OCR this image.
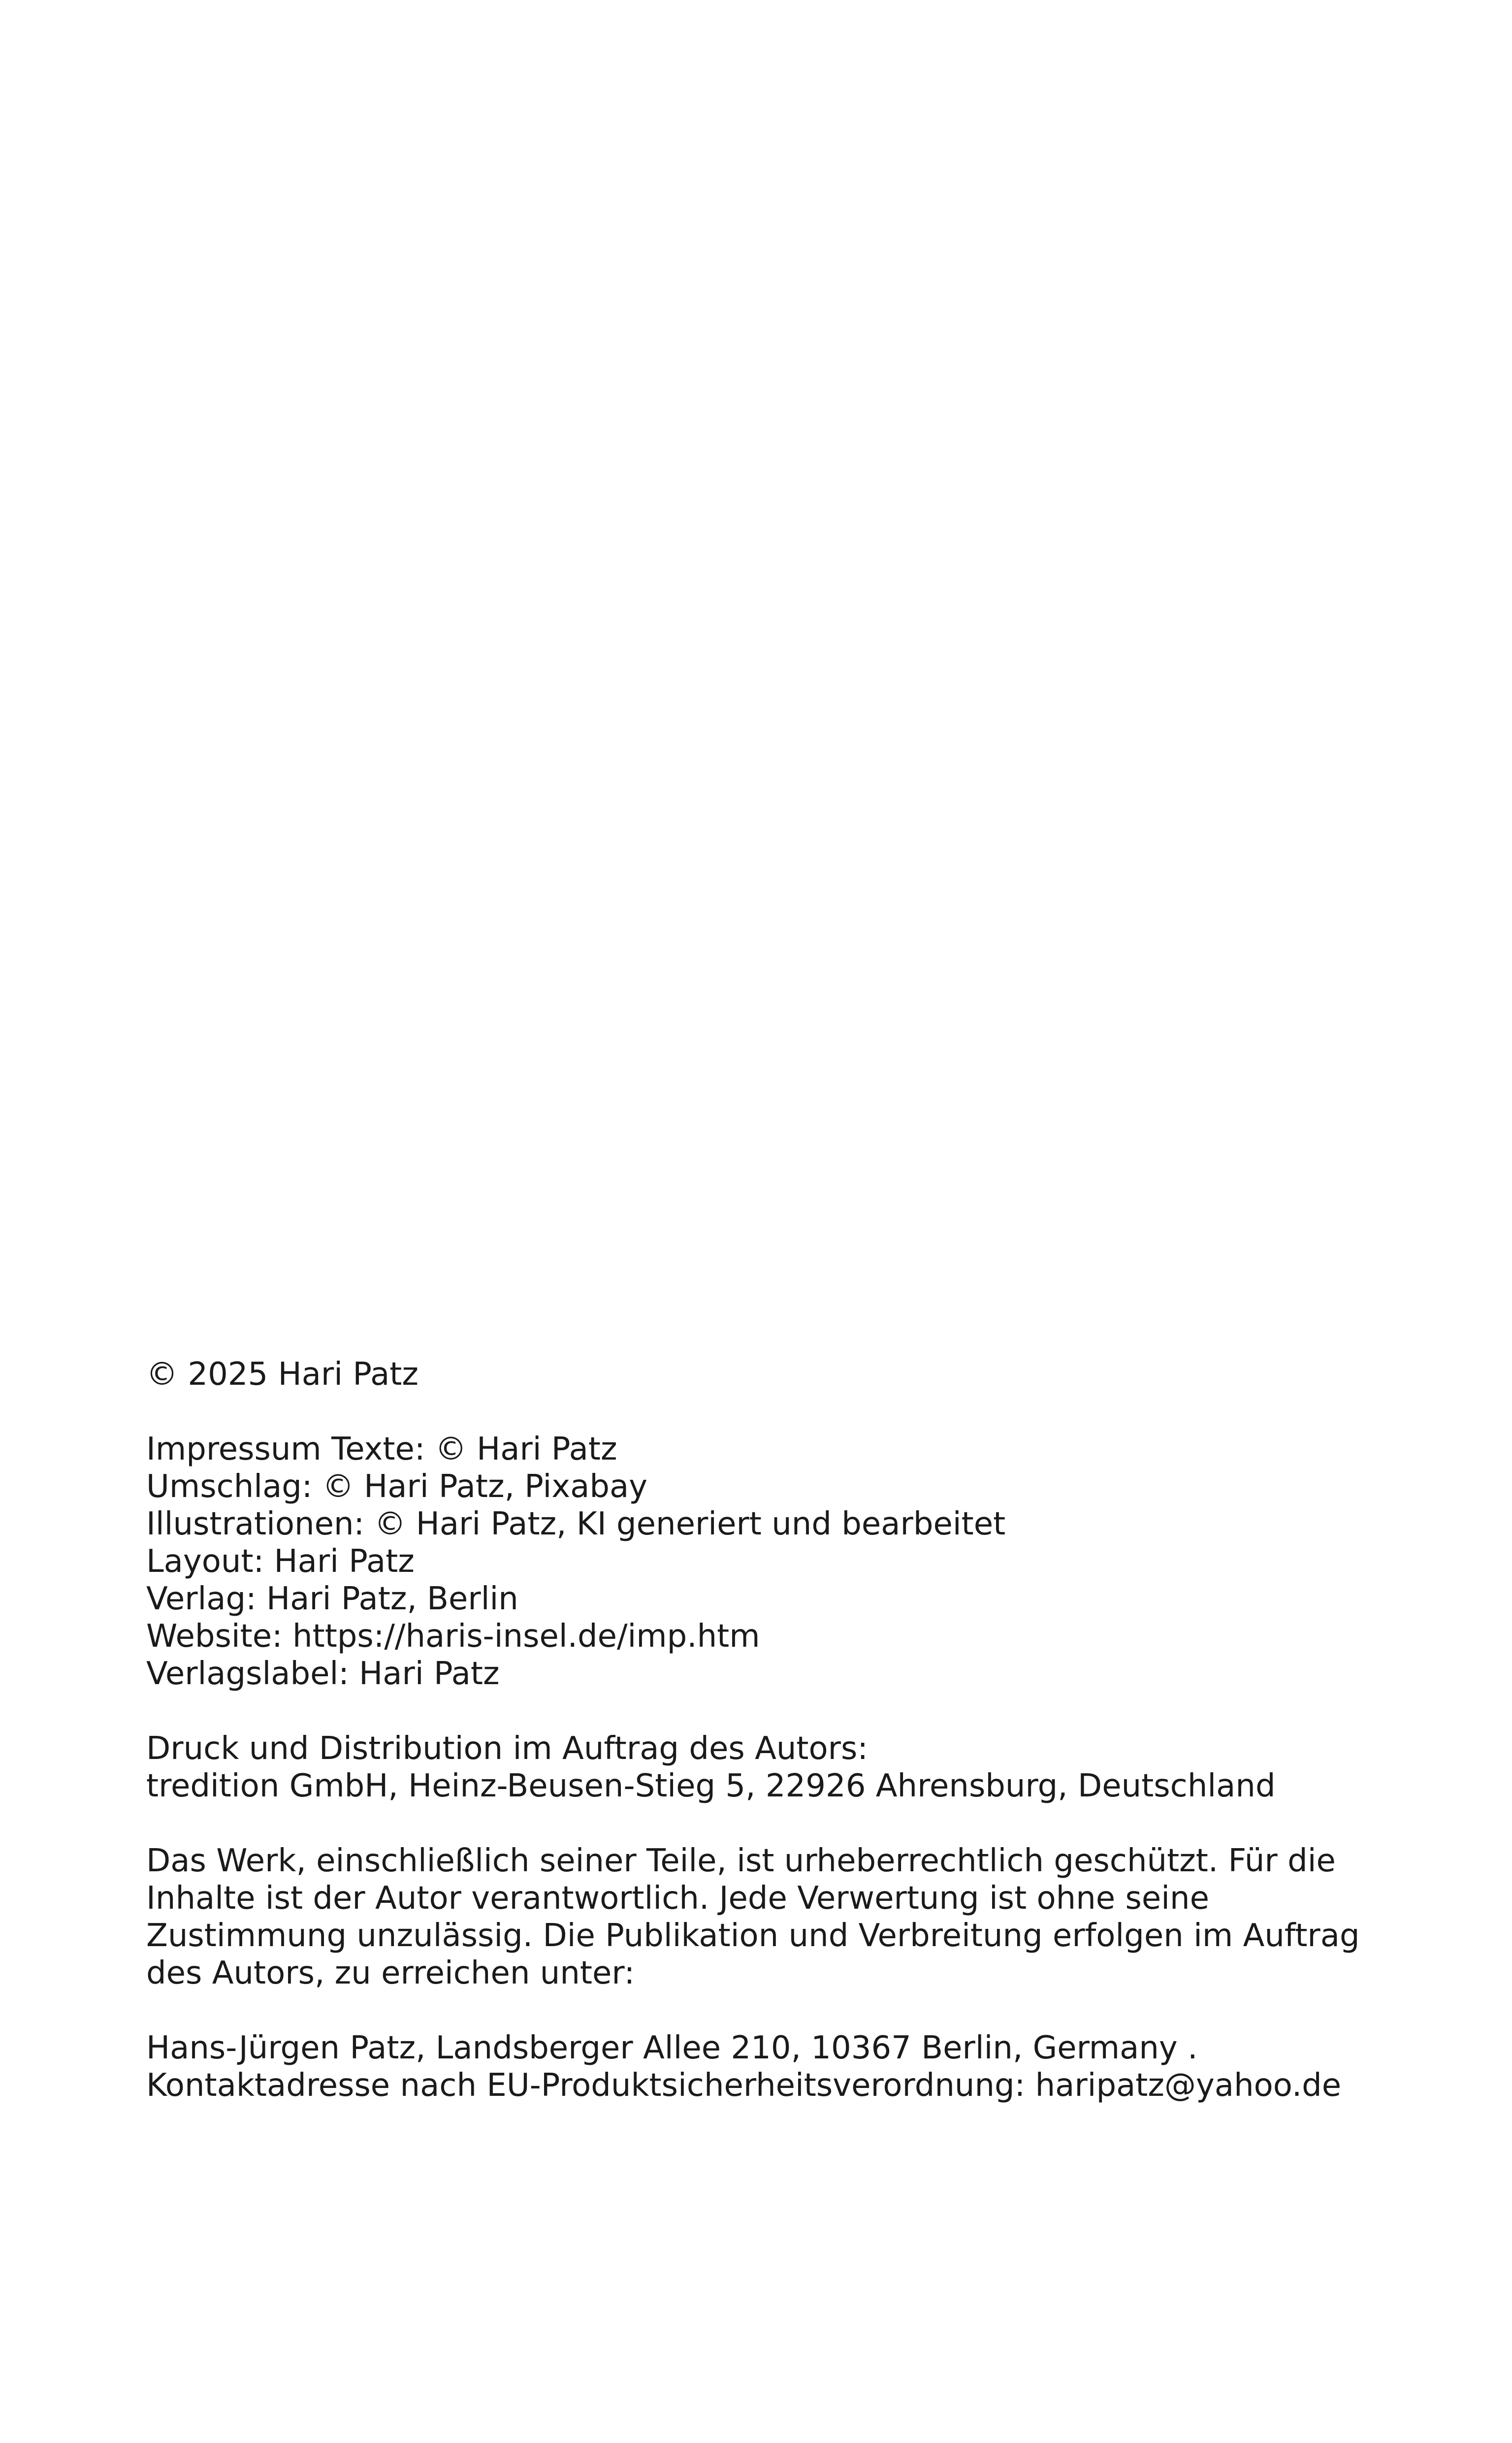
© 2025 Hari Patz
Impressum Texte: © Hari Patz
Umschlag: © Hari Patz, Pixabay
Illustrationen: © Hari Patz, KI generiert und bearbeitet
Layout: Hari Patz
Verlag: Hari Patz, Berlin
Website: https://haris-insel.de/imp.htm
Verlagslabel: Hari Patz
Druck und Distribution im Auftrag des Autors:
tredition GmbH, Heinz-Beusen-Stieg 5, 22926 Ahrensburg, Deutschland
Das Werk, einschließlich seiner Teile, ist urheberrechtlich geschützt. Für die
Inhalte ist der Autor verantwortlich. Jede Verwertung ist ohne seine
Zustimmung unzulässig. Die Publikation und Verbreitung erfolgen im Auftrag
des Autors, zu erreichen unter:
Hans-Jürgen Patz, Landsberger Allee 210, 10367 Berlin, Germany .
Kontaktadresse nach EU-Produktsicherheitsverordnung: haripatz@yahoo.de
